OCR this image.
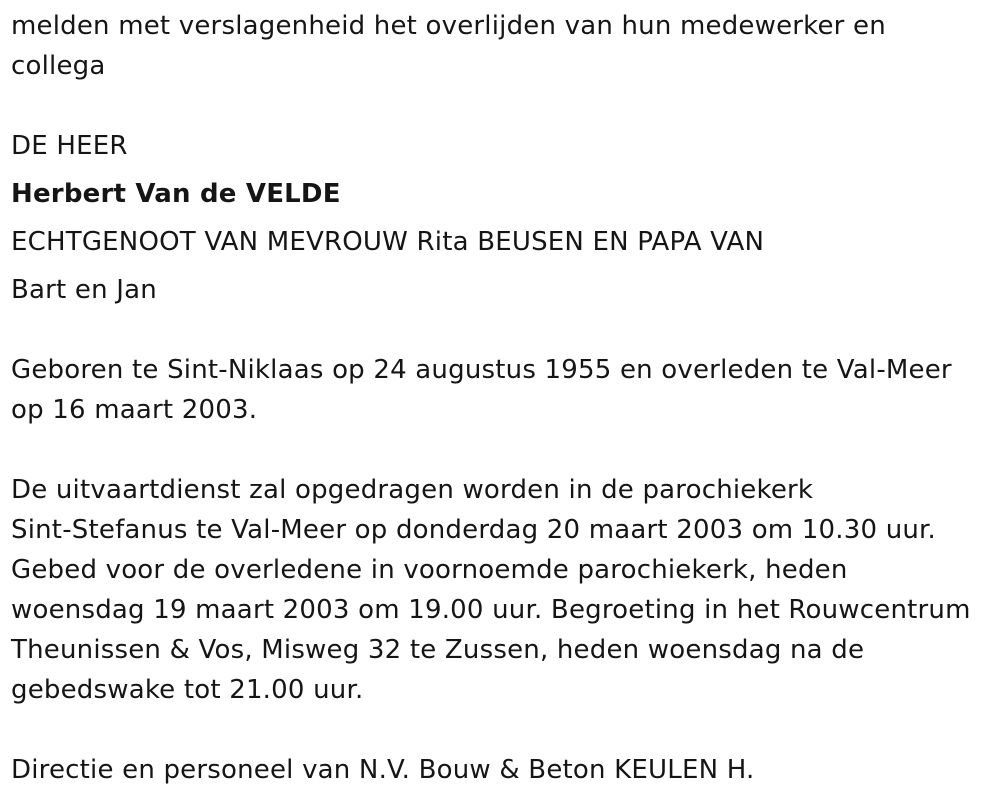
melden met verslagenheid het overlijden van hun medewerker en
collega
DE HEER
Herbert Van de VELDE
ECHTGENOOT VAN MEVROUW Rita BEUSEN EN PAPA VAN
Bart en Jan
Geboren te Sint-Niklaas op 24 augustus 1955 en overleden te Val-Meer
op 16 maart 2003.
De uitvaartdienst zal opgedragen worden in de parochiekerk
Sint-Stefanus te Val-Meer op donderdag 20 maart 2003 om 10.30 uur.
Gebed voor de overledene in voornoemde parochiekerk, heden
woensdag 19 maart 2003 om 19.00 uur. Begroeting in het Rouwcentrum
Theunissen & Vos, Misweg 32 te Zussen, heden woensdag na de
gebedswake tot 21.00 uur.
Directie en personeel van N.V. Bouw & Beton KEULEN H.
